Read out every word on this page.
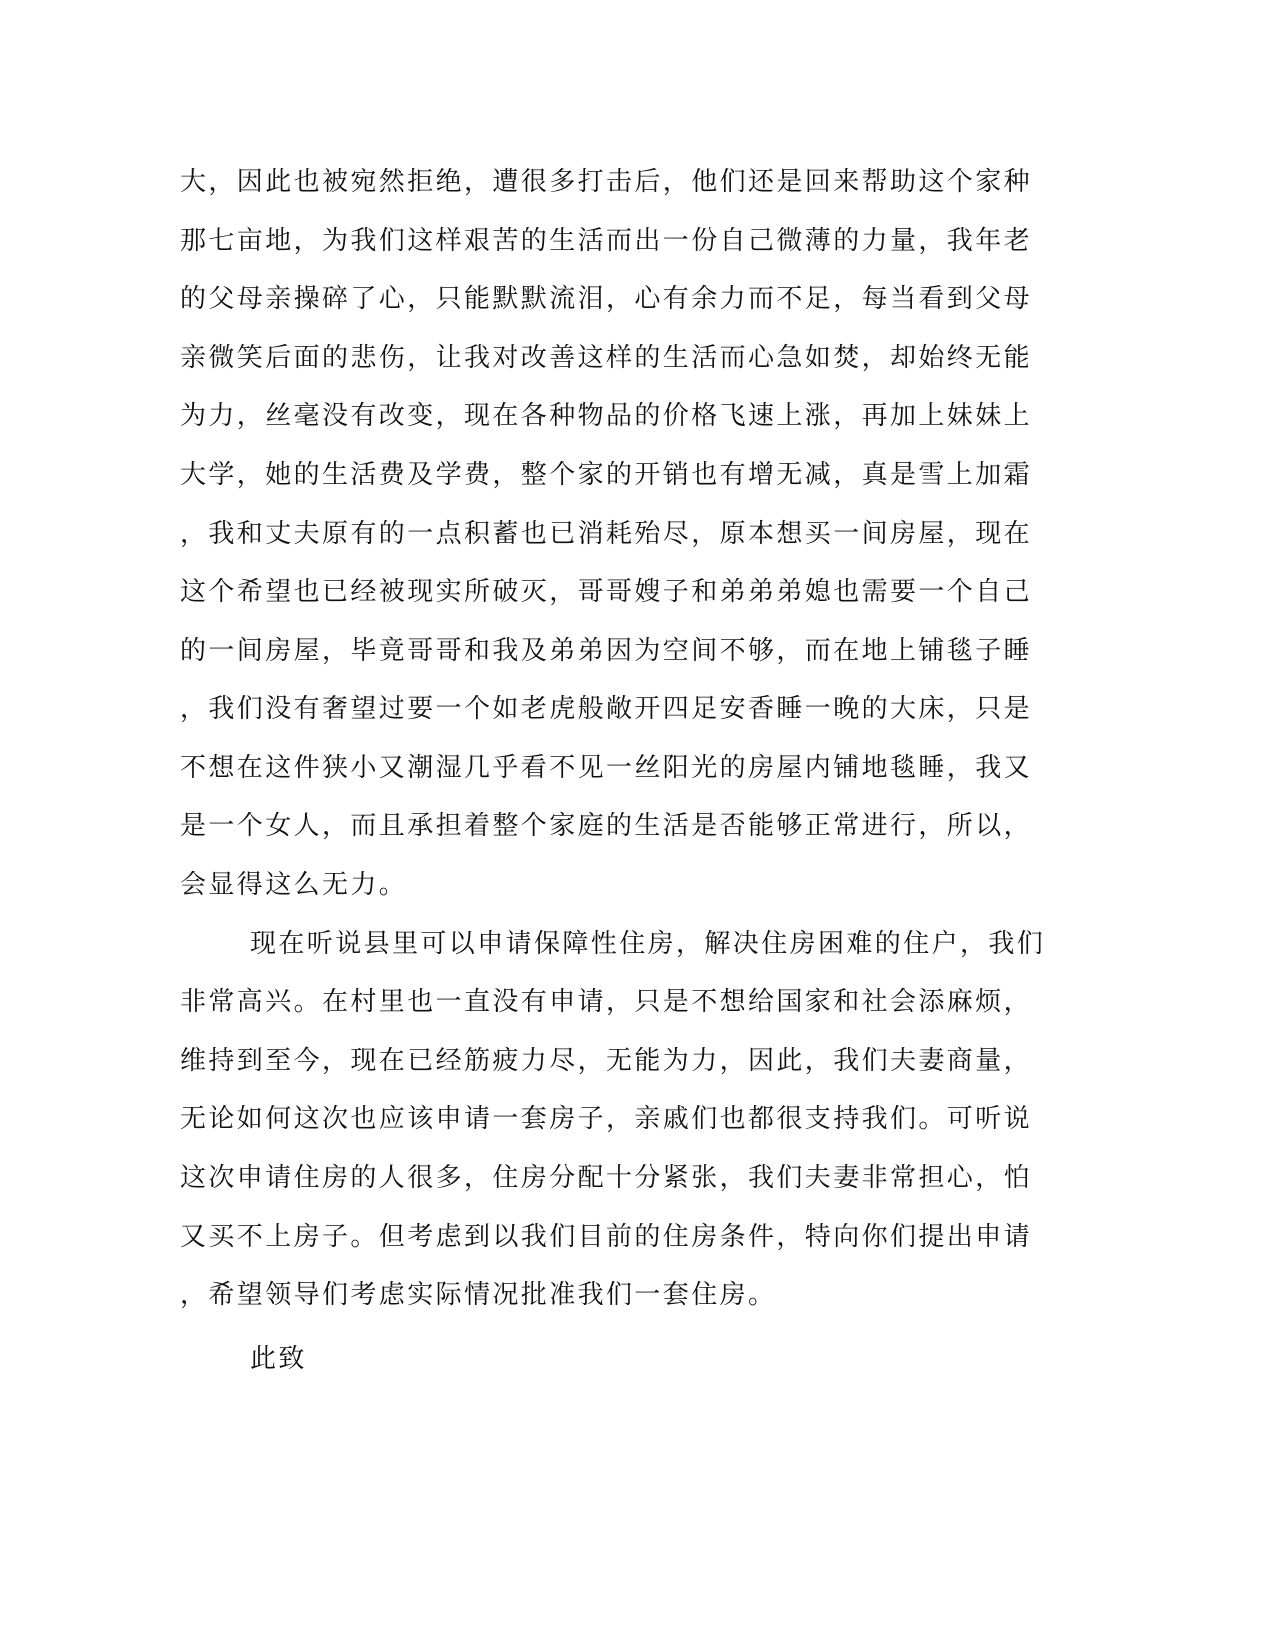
大，因此也被宛然拒绝，遭很多打击后，他们还是回来帮助这个家种
那七亩地，为我们这样艰苦的生活而出一份自己微薄的力量，我年老
的父母亲操碎了心，只能默默流泪，心有余力而不足，每当看到父母
亲微笑后面的悲伤，让我对改善这样的生活而心急如焚，却始终无能
为力，丝毫没有改变，现在各种物品的价格飞速上涨，再加上妹妹上
大学，她的生活费及学费，整个家的开销也有增无减，真是雪上加霜
，我和丈夫原有的一点积蓄也已消耗殆尽，原本想买一间房屋，现在
这个希望也已经被现实所破灭，哥哥嫂子和弟弟弟媳也需要一个自己
的一间房屋，毕竟哥哥和我及弟弟因为空间不够，而在地上铺毯子睡
，我们没有奢望过要一个如老虎般敞开四足安香睡一晚的大床，只是
不想在这件狭小又潮湿几乎看不见一丝阳光的房屋内铺地毯睡，我又
是一个女人，而且承担着整个家庭的生活是否能够正常进行，所以，
会显得这么无力。
现在听说县里可以申请保障性住房，解决住房困难的住户，我们
非常高兴。在村里也一直没有申请，只是不想给国家和社会添麻烦，
维持到至今，现在已经筋疲力尽，无能为力，因此，我们夫妻商量，
无论如何这次也应该申请一套房子，亲戚们也都很支持我们。可听说
这次申请住房的人很多，住房分配十分紧张，我们夫妻非常担心，怕
又买不上房子。但考虑到以我们目前的住房条件，特向你们提出申请
，希望领导们考虑实际情况批准我们一套住房。
此致
